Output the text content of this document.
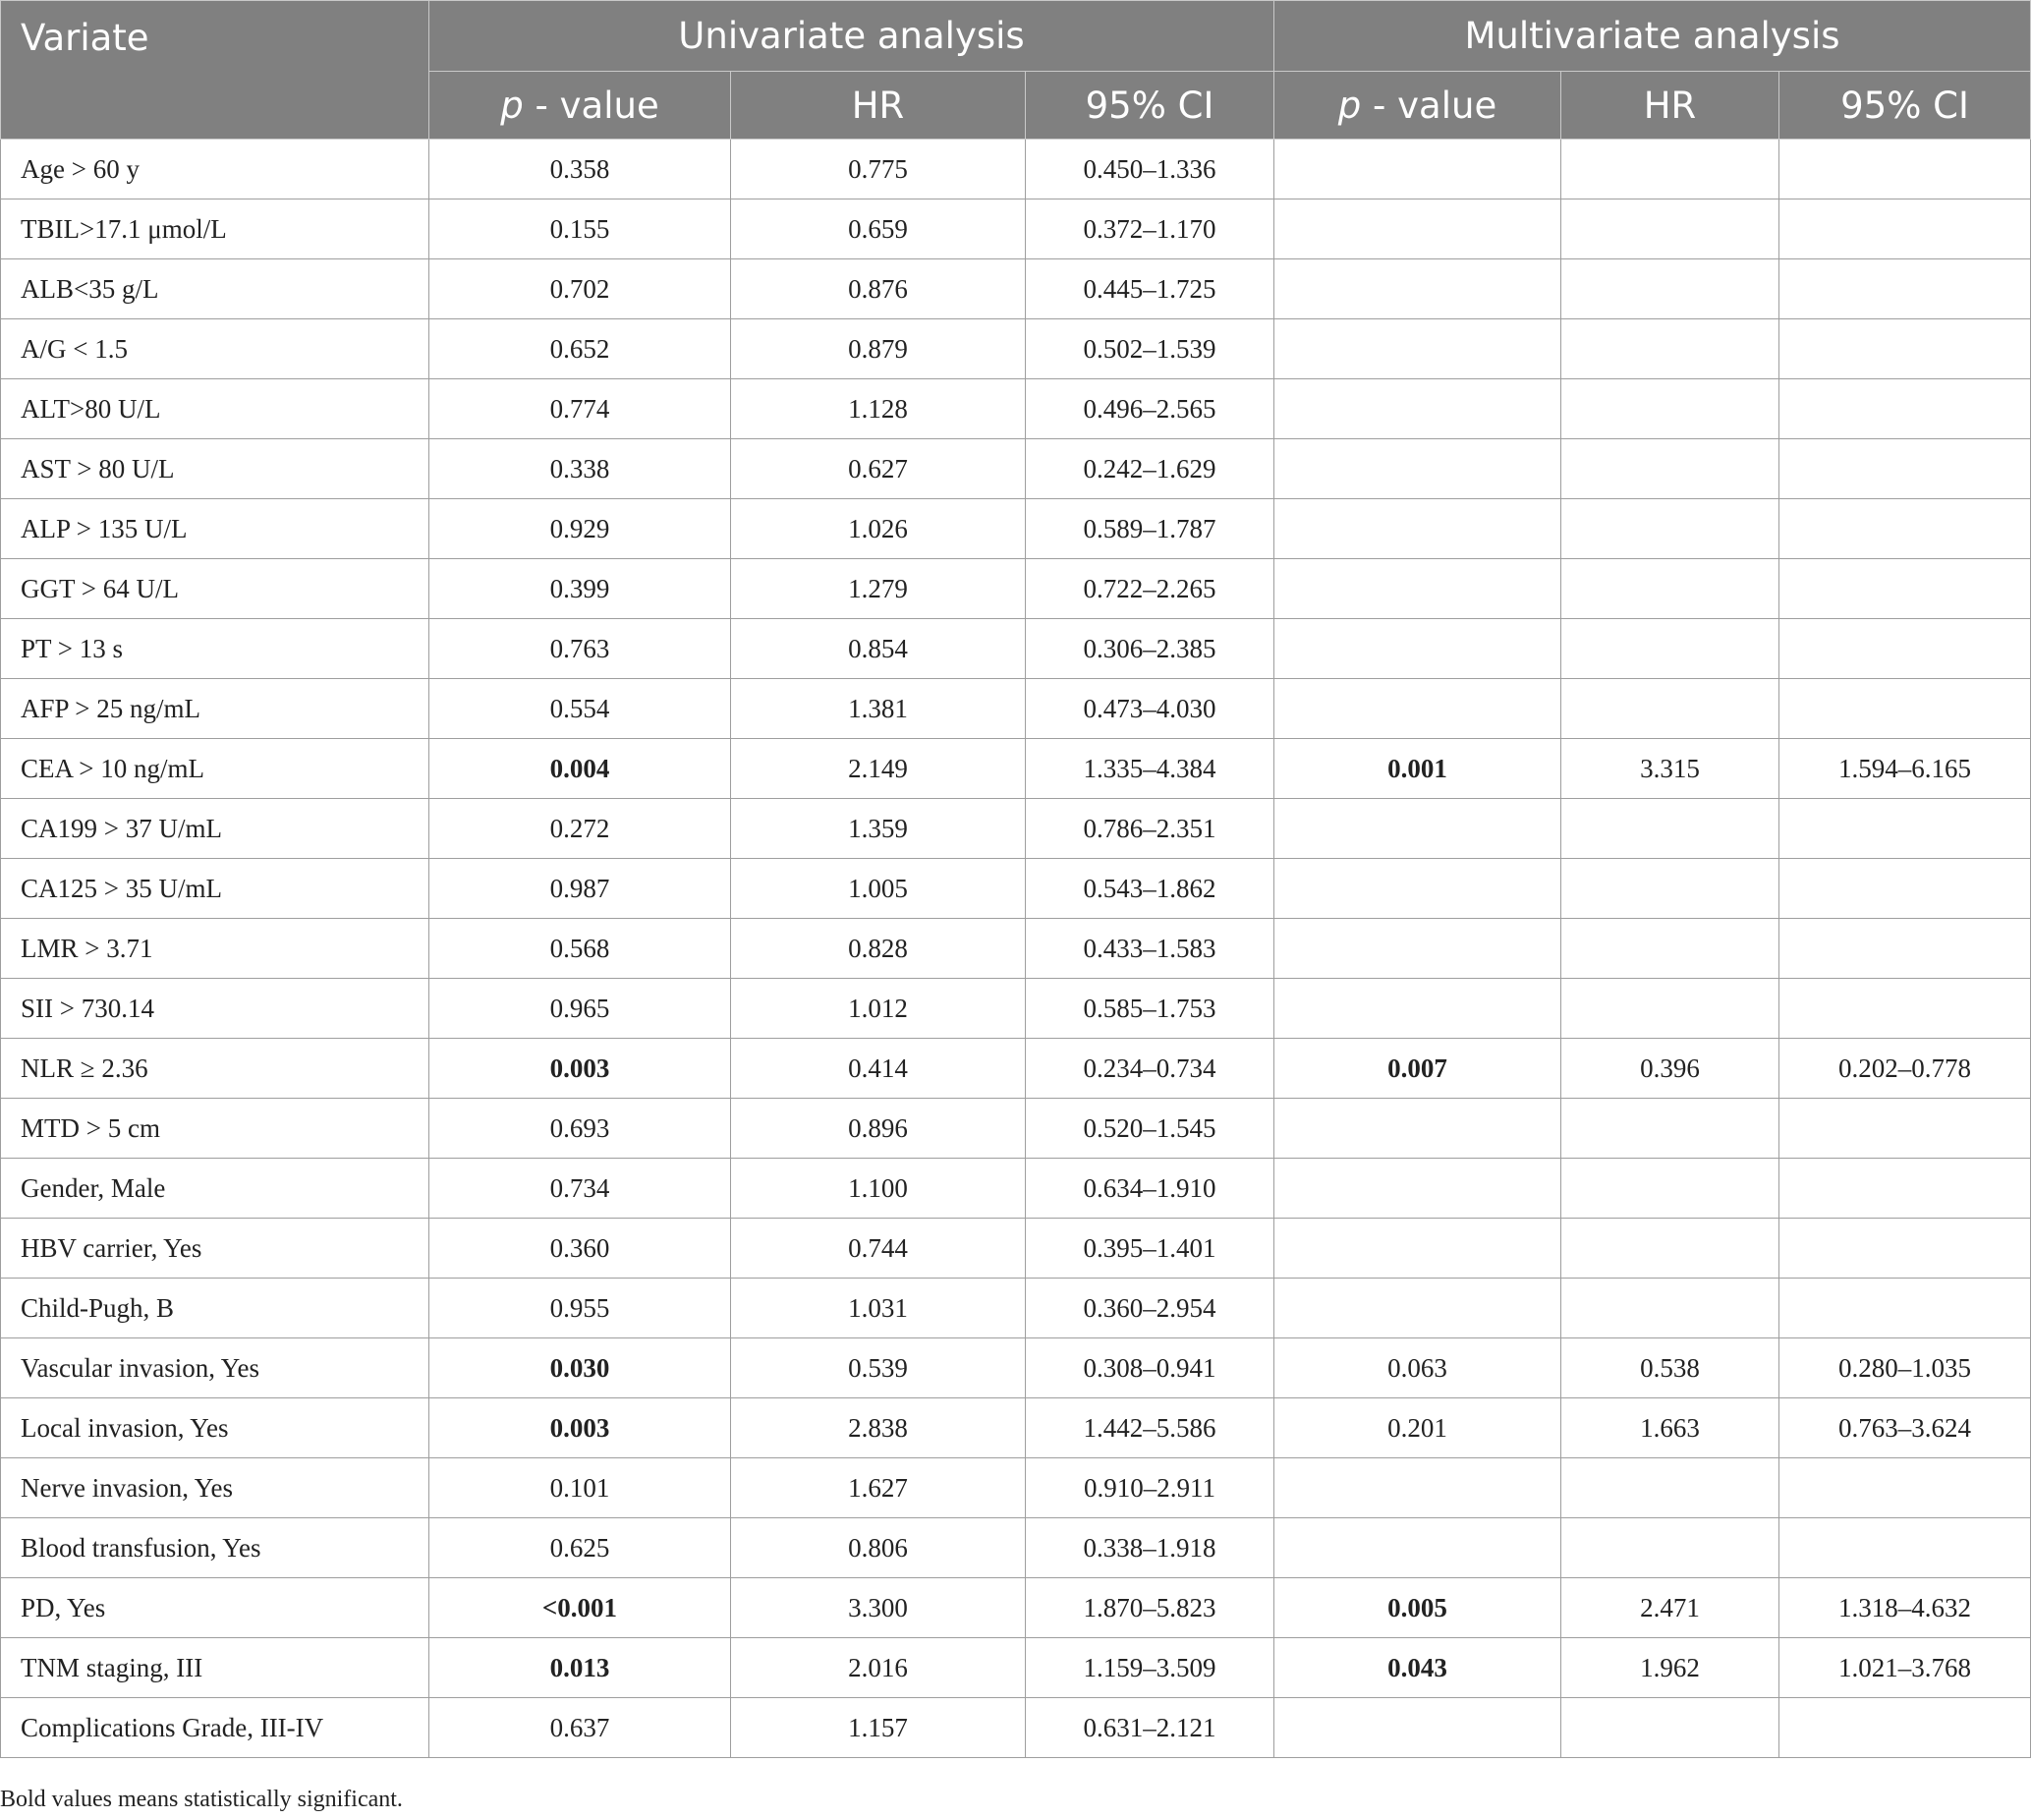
Variate	Univariate analysis			Multivariate analysis		
	p - value	HR	95% CI	p - value	HR	95% CI
Age > 60 y	0.358	0.775	0.450–1.336			
TBIL>17.1 μmol/L	0.155	0.659	0.372–1.170			
ALB<35 g/L	0.702	0.876	0.445–1.725			
A/G < 1.5	0.652	0.879	0.502–1.539			
ALT>80 U/L	0.774	1.128	0.496–2.565			
AST > 80 U/L	0.338	0.627	0.242–1.629			
ALP > 135 U/L	0.929	1.026	0.589–1.787			
GGT > 64 U/L	0.399	1.279	0.722–2.265			
PT > 13 s	0.763	0.854	0.306–2.385			
AFP > 25 ng/mL	0.554	1.381	0.473–4.030			
CEA > 10 ng/mL	0.004	2.149	1.335–4.384	0.001	3.315	1.594–6.165
CA199 > 37 U/mL	0.272	1.359	0.786–2.351			
CA125 > 35 U/mL	0.987	1.005	0.543–1.862			
LMR > 3.71	0.568	0.828	0.433–1.583			
SII > 730.14	0.965	1.012	0.585–1.753			
NLR ≥ 2.36	0.003	0.414	0.234–0.734	0.007	0.396	0.202–0.778
MTD > 5 cm	0.693	0.896	0.520–1.545			
Gender, Male	0.734	1.100	0.634–1.910			
HBV carrier, Yes	0.360	0.744	0.395–1.401			
Child-Pugh, B	0.955	1.031	0.360–2.954			
Vascular invasion, Yes	0.030	0.539	0.308–0.941	0.063	0.538	0.280–1.035
Local invasion, Yes	0.003	2.838	1.442–5.586	0.201	1.663	0.763–3.624
Nerve invasion, Yes	0.101	1.627	0.910–2.911			
Blood transfusion, Yes	0.625	0.806	0.338–1.918			
PD, Yes	<0.001	3.300	1.870–5.823	0.005	2.471	1.318–4.632
TNM staging, III	0.013	2.016	1.159–3.509	0.043	1.962	1.021–3.768
Complications Grade, III-IV	0.637	1.157	0.631–2.121			
Bold values means statistically significant.
